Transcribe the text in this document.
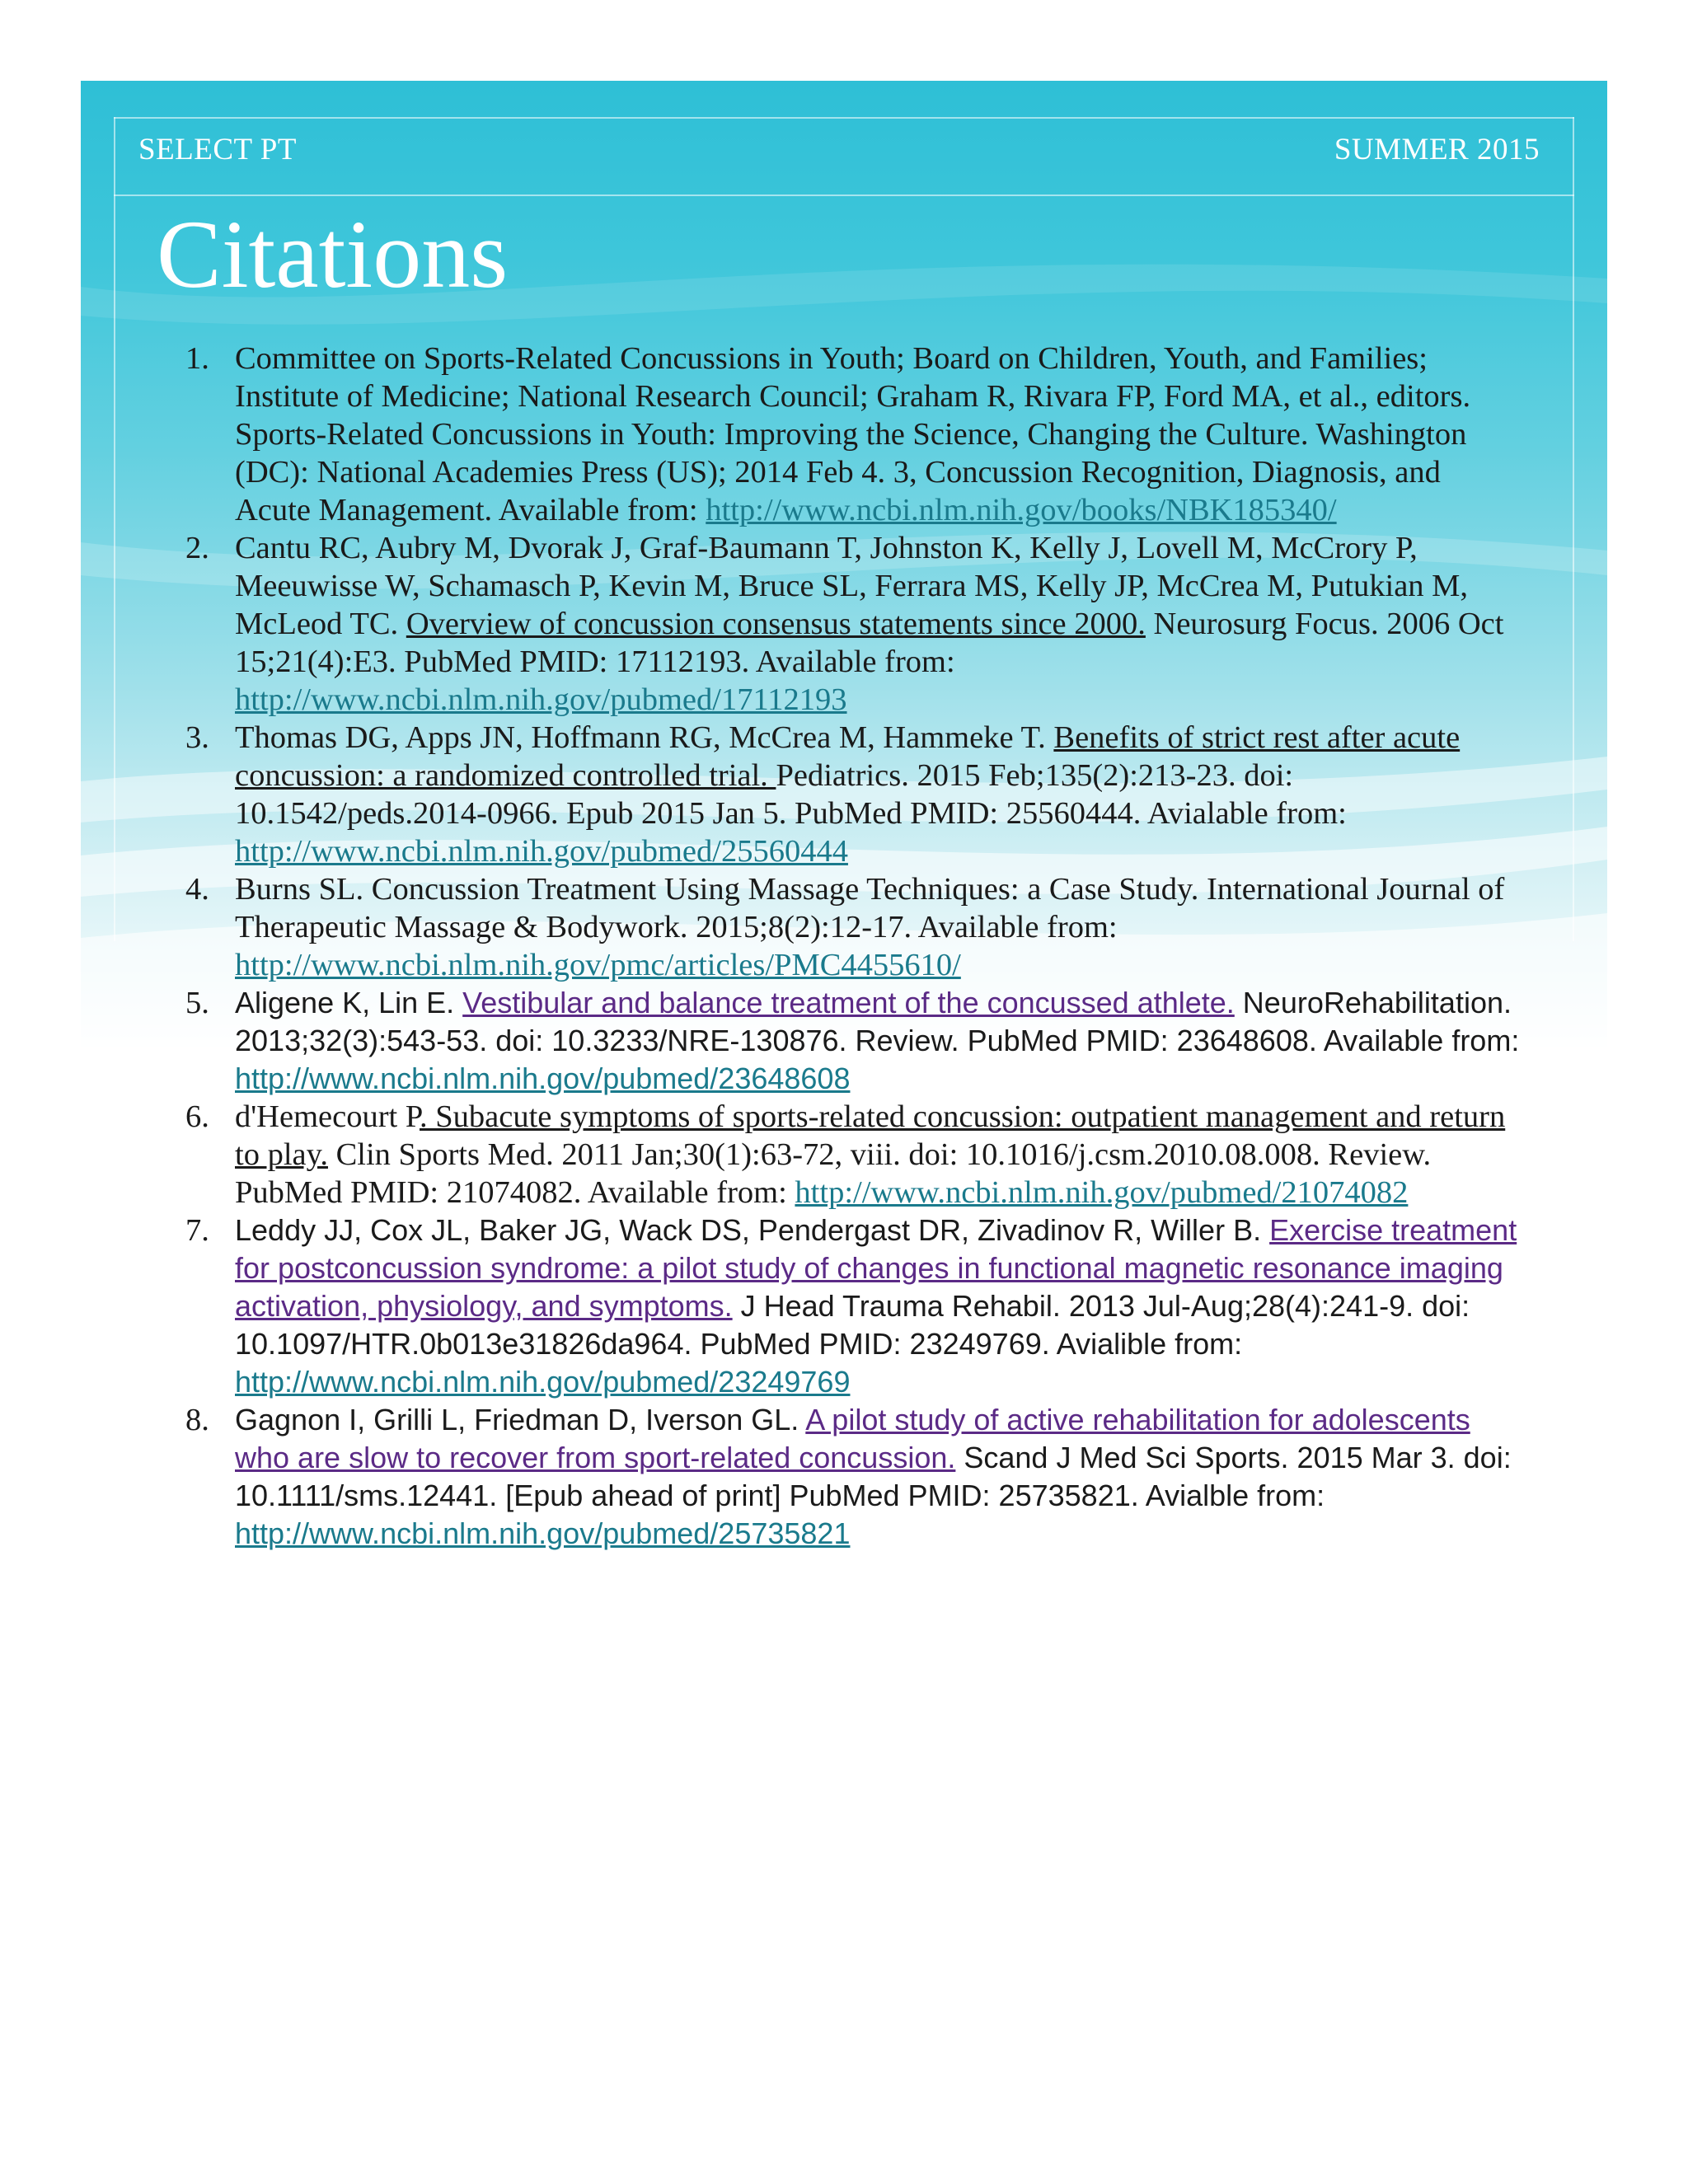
SELECT PT	SUMMER 2015
Citations
1. Committee on Sports-Related Concussions in Youth; Board on Children, Youth, and Families; Institute of Medicine; National Research Council; Graham R, Rivara FP, Ford MA, et al., editors. Sports-Related Concussions in Youth: Improving the Science, Changing the Culture. Washington (DC): National Academies Press (US); 2014 Feb 4. 3, Concussion Recognition, Diagnosis, and Acute Management. Available from: http://www.ncbi.nlm.nih.gov/books/NBK185340/
2. Cantu RC, Aubry M, Dvorak J, Graf-Baumann T, Johnston K, Kelly J, Lovell M, McCrory P, Meeuwisse W, Schamasch P, Kevin M, Bruce SL, Ferrara MS, Kelly JP, McCrea M, Putukian M, McLeod TC. Overview of concussion consensus statements since 2000. Neurosurg Focus. 2006 Oct 15;21(4):E3. PubMed PMID: 17112193. Available from: http://www.ncbi.nlm.nih.gov/pubmed/17112193
3. Thomas DG, Apps JN, Hoffmann RG, McCrea M, Hammeke T. Benefits of strict rest after acute concussion: a randomized controlled trial. Pediatrics. 2015 Feb;135(2):213-23. doi: 10.1542/peds.2014-0966. Epub 2015 Jan 5. PubMed PMID: 25560444. Avialable from: http://www.ncbi.nlm.nih.gov/pubmed/25560444
4. Burns SL. Concussion Treatment Using Massage Techniques: a Case Study. International Journal of Therapeutic Massage & Bodywork. 2015;8(2):12-17. Available from: http://www.ncbi.nlm.nih.gov/pmc/articles/PMC4455610/
5. Aligene K, Lin E. Vestibular and balance treatment of the concussed athlete. NeuroRehabilitation. 2013;32(3):543-53. doi: 10.3233/NRE-130876. Review. PubMed PMID: 23648608. Available from: http://www.ncbi.nlm.nih.gov/pubmed/23648608
6. d'Hemecourt P. Subacute symptoms of sports-related concussion: outpatient management and return to play. Clin Sports Med. 2011 Jan;30(1):63-72, viii. doi: 10.1016/j.csm.2010.08.008. Review. PubMed PMID: 21074082. Available from: http://www.ncbi.nlm.nih.gov/pubmed/21074082
7. Leddy JJ, Cox JL, Baker JG, Wack DS, Pendergast DR, Zivadinov R, Willer B. Exercise treatment for postconcussion syndrome: a pilot study of changes in functional magnetic resonance imaging activation, physiology, and symptoms. J Head Trauma Rehabil. 2013 Jul-Aug;28(4):241-9. doi: 10.1097/HTR.0b013e31826da964. PubMed PMID: 23249769. Avialible from: http://www.ncbi.nlm.nih.gov/pubmed/23249769
8. Gagnon I, Grilli L, Friedman D, Iverson GL. A pilot study of active rehabilitation for adolescents who are slow to recover from sport-related concussion. Scand J Med Sci Sports. 2015 Mar 3. doi: 10.1111/sms.12441. [Epub ahead of print] PubMed PMID: 25735821. Avialble from: http://www.ncbi.nlm.nih.gov/pubmed/25735821
